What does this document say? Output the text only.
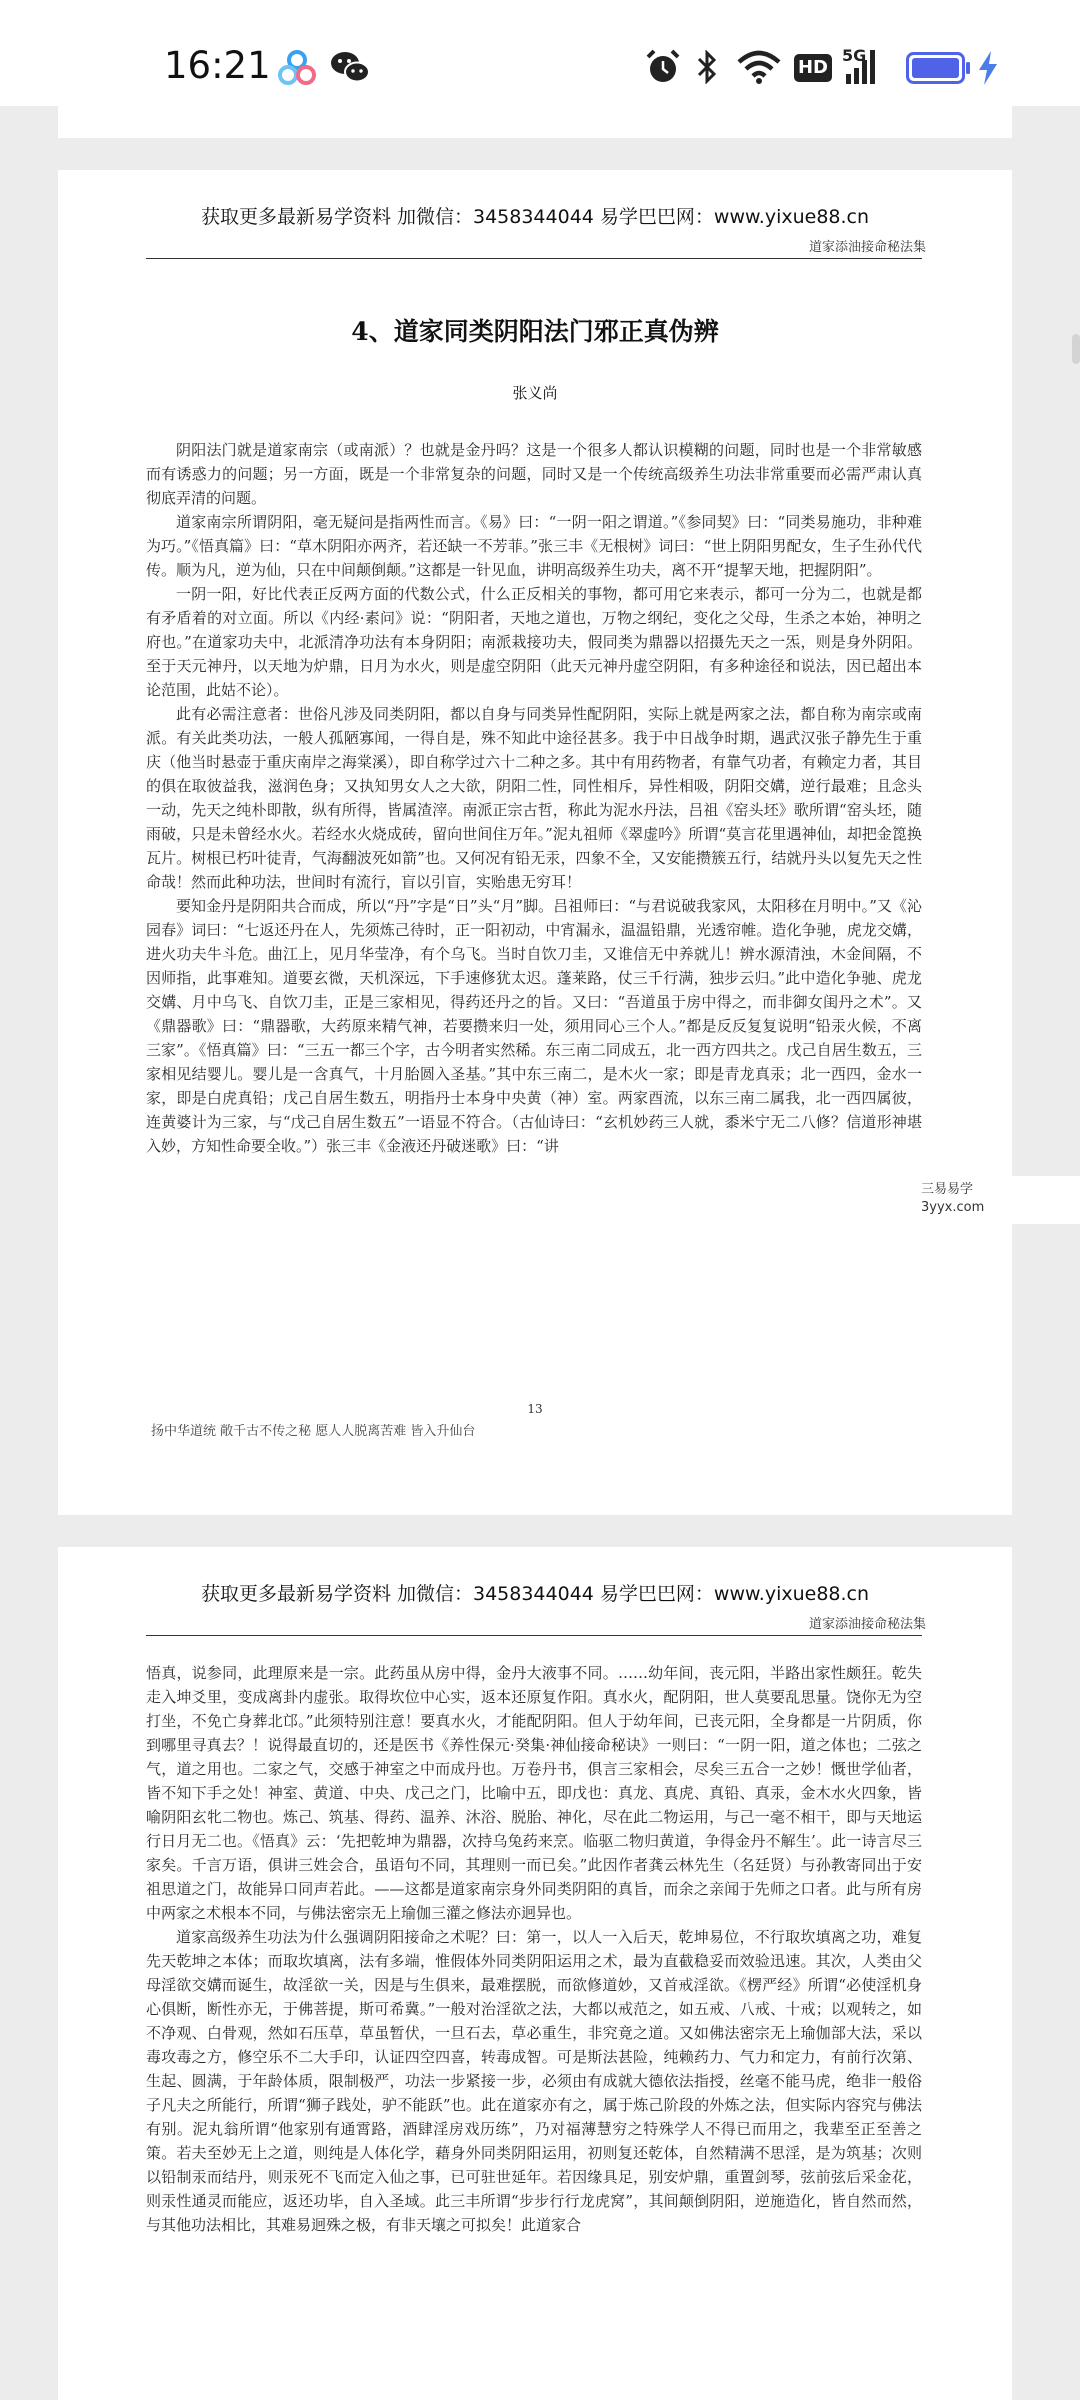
16:21	HD
5G
获取更多最新易学资料 加微信：3458344044 易学巴巴网：www.yixue88.cn
道家添油接命秘法集
4、道家同类阴阳法门邪正真伪辨
张义尚

阴阳法门就是道家南宗（或南派）？也就是金丹吗？这是一个很多人都认识模糊的问题，同时也是一个非常敏感而有诱惑力的问题；另一方面，既是一个非常复杂的问题，同时又是一个传统高级养生功法非常重要而必需严肃认真彻底弄清的问题。

道家南宗所谓阴阳，毫无疑问是指两性而言。《易》曰：“一阴一阳之谓道。”《参同契》曰：“同类易施功，非种难为巧。”《悟真篇》曰：“草木阴阳亦两齐，若还缺一不芳菲。”张三丰《无根树》词曰：“世上阴阳男配女，生子生孙代代传。顺为凡，逆为仙，只在中间颠倒颠。”这都是一针见血，讲明高级养生功夫，离不开“提挈天地，把握阴阳”。

一阴一阳，好比代表正反两方面的代数公式，什么正反相关的事物，都可用它来表示，都可一分为二，也就是都有矛盾着的对立面。所以《内经·素问》说：“阴阳者，天地之道也，万物之纲纪，变化之父母，生杀之本始，神明之府也。”在道家功夫中，北派清净功法有本身阴阳；南派栽接功夫，假同类为鼎器以招摄先天之一炁，则是身外阴阳。至于天元神丹，以天地为炉鼎，日月为水火，则是虚空阴阳（此天元神丹虚空阴阳，有多种途径和说法，因已超出本论范围，此姑不论）。

此有必需注意者：世俗凡涉及同类阴阳，都以自身与同类异性配阴阳，实际上就是两家之法，都自称为南宗或南派。有关此类功法，一般人孤陋寡闻，一得自是，殊不知此中途径甚多。我于中日战争时期，遇武汉张子静先生于重庆（他当时悬壶于重庆南岸之海棠溪），即自称学过六十二种之多。其中有用药物者，有靠气功者，有赖定力者，其目的俱在取彼益我，滋润色身；又执知男女人之大欲，阴阳二性，同性相斥，异性相吸，阴阳交媾，逆行最难；且念头一动，先天之纯朴即散，纵有所得，皆属渣滓。南派正宗古哲，称此为泥水丹法，吕祖《窑头坯》歌所谓“窑头坯，随雨破，只是未曾经水火。若经水火烧成砖，留向世间住万年。”泥丸祖师《翠虚吟》所谓“莫言花里遇神仙，却把金箆换瓦片。树根已朽叶徒青，气海翻波死如箭”也。又何况有铅无汞，四象不全，又安能攒簇五行，结就丹头以复先天之性命哉！然而此种功法，世间时有流行，盲以引盲，实贻患无穷耳！

要知金丹是阴阳共合而成，所以“丹”字是“日”头“月”脚。吕祖师曰：“与君说破我家风，太阳移在月明中。”又《沁园春》词曰：“七返还丹在人，先须炼己待时，正一阳初动，中宵漏永，温温铅鼎，光透帘帷。造化争驰，虎龙交媾，进火功夫牛斗危。曲江上，见月华莹净，有个乌飞。当时自饮刀圭，又谁信无中养就儿！辨水源清浊，木金间隔，不因师指，此事难知。道要玄微，天机深远，下手速修犹太迟。蓬莱路，仗三千行满，独步云归。”此中造化争驰、虎龙交媾、月中乌飞、自饮刀圭，正是三家相见，得药还丹之的旨。又曰：“吾道虽于房中得之，而非御女闺丹之术”。又《鼎器歌》曰：“鼎器歌，大药原来精气神，若要攒来归一处，须用同心三个人。”都是反反复复说明“铅汞火候，不离三家”。《悟真篇》曰：“三五一都三个字，古今明者实然稀。东三南二同成五，北一西方四共之。戊己自居生数五，三家相见结婴儿。婴儿是一含真气，十月胎圆入圣基。”其中东三南二，是木火一家；即是青龙真汞；北一西四，金水一家，即是白虎真铅；戊己自居生数五，明指丹士本身中央黄（神）室。两家酉流，以东三南二属我，北一西四属彼，连黄婆计为三家，与“戊己自居生数五”一语显不符合。（古仙诗曰：“玄机妙药三人就，黍米宁无二八修？信道形神堪入妙，方知性命要全收。”）张三丰《金液还丹破迷歌》曰：“讲

13
扬中华道统 敞千古不传之秘 愿人人脱离苦难 皆入升仙台
三易易学
3yyx.com
获取更多最新易学资料 加微信：3458344044 易学巴巴网：www.yixue88.cn
道家添油接命秘法集

悟真，说参同，此理原来是一宗。此药虽从房中得，金丹大液事不同。……幼年间，丧元阳，半路出家性颇狂。乾失走入坤爻里，变成离卦内虚张。取得坎位中心实，返本还原复作阳。真水火，配阴阳，世人莫要乱思量。饶你无为空打坐，不免亡身葬北邙。”此须特别注意！要真水火，才能配阴阳。但人于幼年间，已丧元阳，全身都是一片阴质，你到哪里寻真去？！说得最直切的，还是医书《养性保元·癸集·神仙接命秘诀》一则曰：“一阴一阳，道之体也；二弦之气，道之用也。二家之气，交感于神室之中而成丹也。万卷丹书，俱言三家相会，尽矣三五合一之妙！慨世学仙者，皆不知下手之处！神室、黄道、中央、戊己之门，比喻中五，即戊也：真龙、真虎、真铅、真汞，金木水火四象，皆喻阴阳玄牝二物也。炼己、筑基、得药、温养、沐浴、脱胎、神化，尽在此二物运用，与己一毫不相干，即与天地运行日月无二也。《悟真》云：‘先把乾坤为鼎器，次持乌兔药来烹。临驱二物归黄道，争得金丹不解生’。此一诗言尽三家矣。千言万语，俱讲三姓会合，虽语句不同，其理则一而已矣。”此因作者龚云林先生（名廷贤）与孙教寄同出于安祖思道之门，故能异口同声若此。——这都是道家南宗身外同类阴阳的真旨，而余之亲闻于先师之口者。此与所有房中两家之术根本不同，与佛法密宗无上瑜伽三灌之修法亦迥异也。

道家高级养生功法为什么强调阴阳接命之术呢？曰：第一，以人一入后天，乾坤易位，不行取坎填离之功，难复先天乾坤之本体；而取坎填离，法有多端，惟假体外同类阴阳运用之术，最为直截稳妥而效验迅速。其次，人类由父母淫欲交媾而诞生，故淫欲一关，因是与生俱来，最难摆脱，而欲修道妙，又首戒淫欲。《楞严经》所谓“必使淫机身心俱断，断性亦无，于佛菩提，斯可希冀。”一般对治淫欲之法，大都以戒范之，如五戒、八戒、十戒；以观转之，如不净观、白骨观，然如石压草，草虽暂伏，一旦石去，草必重生，非究竟之道。又如佛法密宗无上瑜伽部大法，采以毒攻毒之方，修空乐不二大手印，认证四空四喜，转毒成智。可是斯法甚险，纯赖药力、气力和定力，有前行次第、生起、圆满，于年龄体质，限制极严，功法一步紧接一步，必须由有成就大德依法指授，丝毫不能马虎，绝非一般俗子凡夫之所能行，所谓“狮子践处，驴不能跃”也。此在道家亦有之，属于炼己阶段的外炼之法，但实际内容究与佛法有别。泥丸翁所谓“他家别有通霄路，酒肆淫房戏历练”，乃对福薄慧穷之特殊学人不得已而用之，我辈至正至善之策。若夫至妙无上之道，则纯是人体化学，藉身外同类阴阳运用，初则复还乾体，自然精满不思淫，是为筑基；次则以铅制汞而结丹，则汞死不飞而定入仙之事，已可驻世延年。若因缘具足，别安炉鼎，重置剑琴，弦前弦后采金花，则汞性通灵而能应，返还功毕，自入圣域。此三丰所谓“步步行行龙虎窝”，其间颠倒阴阳，逆施造化，皆自然而然，与其他功法相比，其难易迥殊之极，有非天壤之可拟矣！此道家合
